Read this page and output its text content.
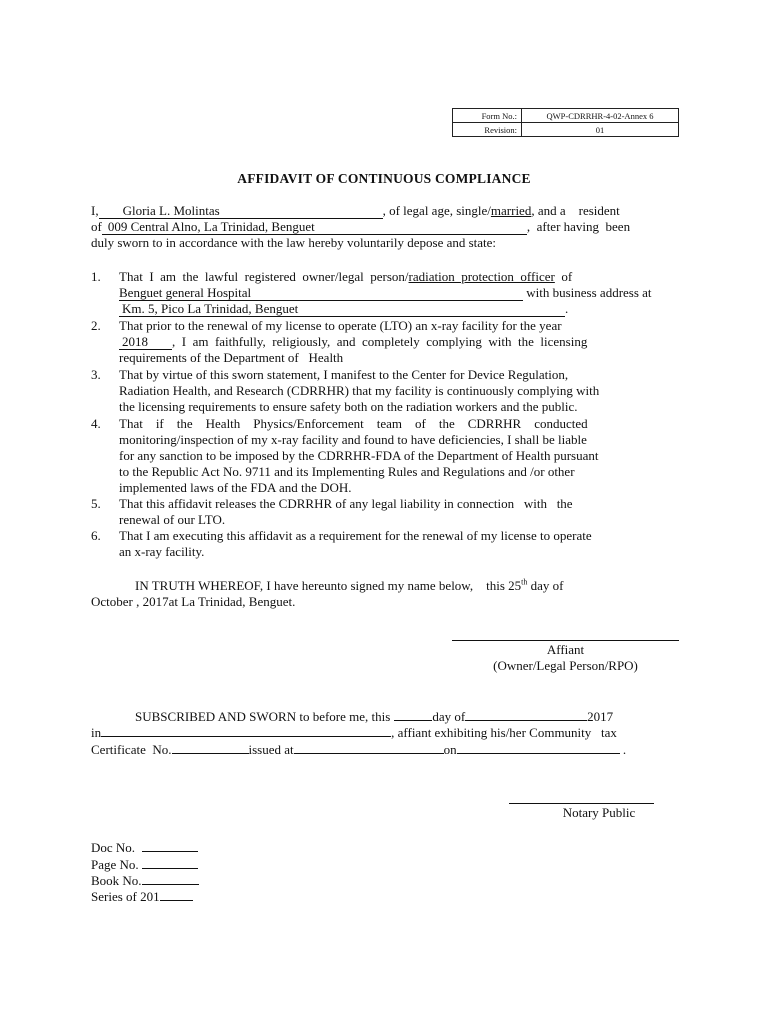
Form No.:	QWP-CDRRHR-4-02-Annex 6
Revision:	01
AFFIDAVIT OF CONTINUOUS COMPLIANCE
I, Gloria L. Molintas	, of legal age, single/married, and a    resident
of 009 Central Alno, La Trinidad, Benguet	,  after having  been
duly sworn to in accordance with the law hereby voluntarily depose and state:
1. That  I  am  the  lawful  registered  owner/legal  person/radiation  protection  officer  of
Benguet general Hospital	with business address at
Km. 5, Pico La Trinidad, Benguet	.
2. That prior to the renewal of my license to operate (LTO) an x-ray facility for the year
2018 ,  I  am  faithfully,  religiously,  and  completely  complying  with  the  licensing
requirements of the Department of   Health
3. That by virtue of this sworn statement, I manifest to the Center for Device Regulation,
Radiation Health, and Research (CDRRHR) that my facility is continuously complying with
the licensing requirements to ensure safety both on the radiation workers and the public.
4. That    if    the    Health    Physics/Enforcement    team    of    the    CDRRHR    conducted
monitoring/inspection of my x-ray facility and found to have deficiencies, I shall be liable
for any sanction to be imposed by the CDRRHR-FDA of the Department of Health pursuant
to the Republic Act No. 9711 and its Implementing Rules and Regulations and /or other
implemented laws of the FDA and the DOH.
5. That this affidavit releases the CDRRHR of any legal liability in connection   with   the
renewal of our LTO.
6. That I am executing this affidavit as a requirement for the renewal of my license to operate
an x-ray facility.
IN TRUTH WHEREOF, I have hereunto signed my name below,    this 25th day of
October , 2017at La Trinidad, Benguet.
Affiant
(Owner/Legal Person/RPO)
SUBSCRIBED AND SWORN to before me, this	day of	2017
in	, affiant exhibiting his/her Community   tax
Certificate  No.	issued at	on	.
Notary Public
Doc No.
Page No.
Book No.
Series of 201
